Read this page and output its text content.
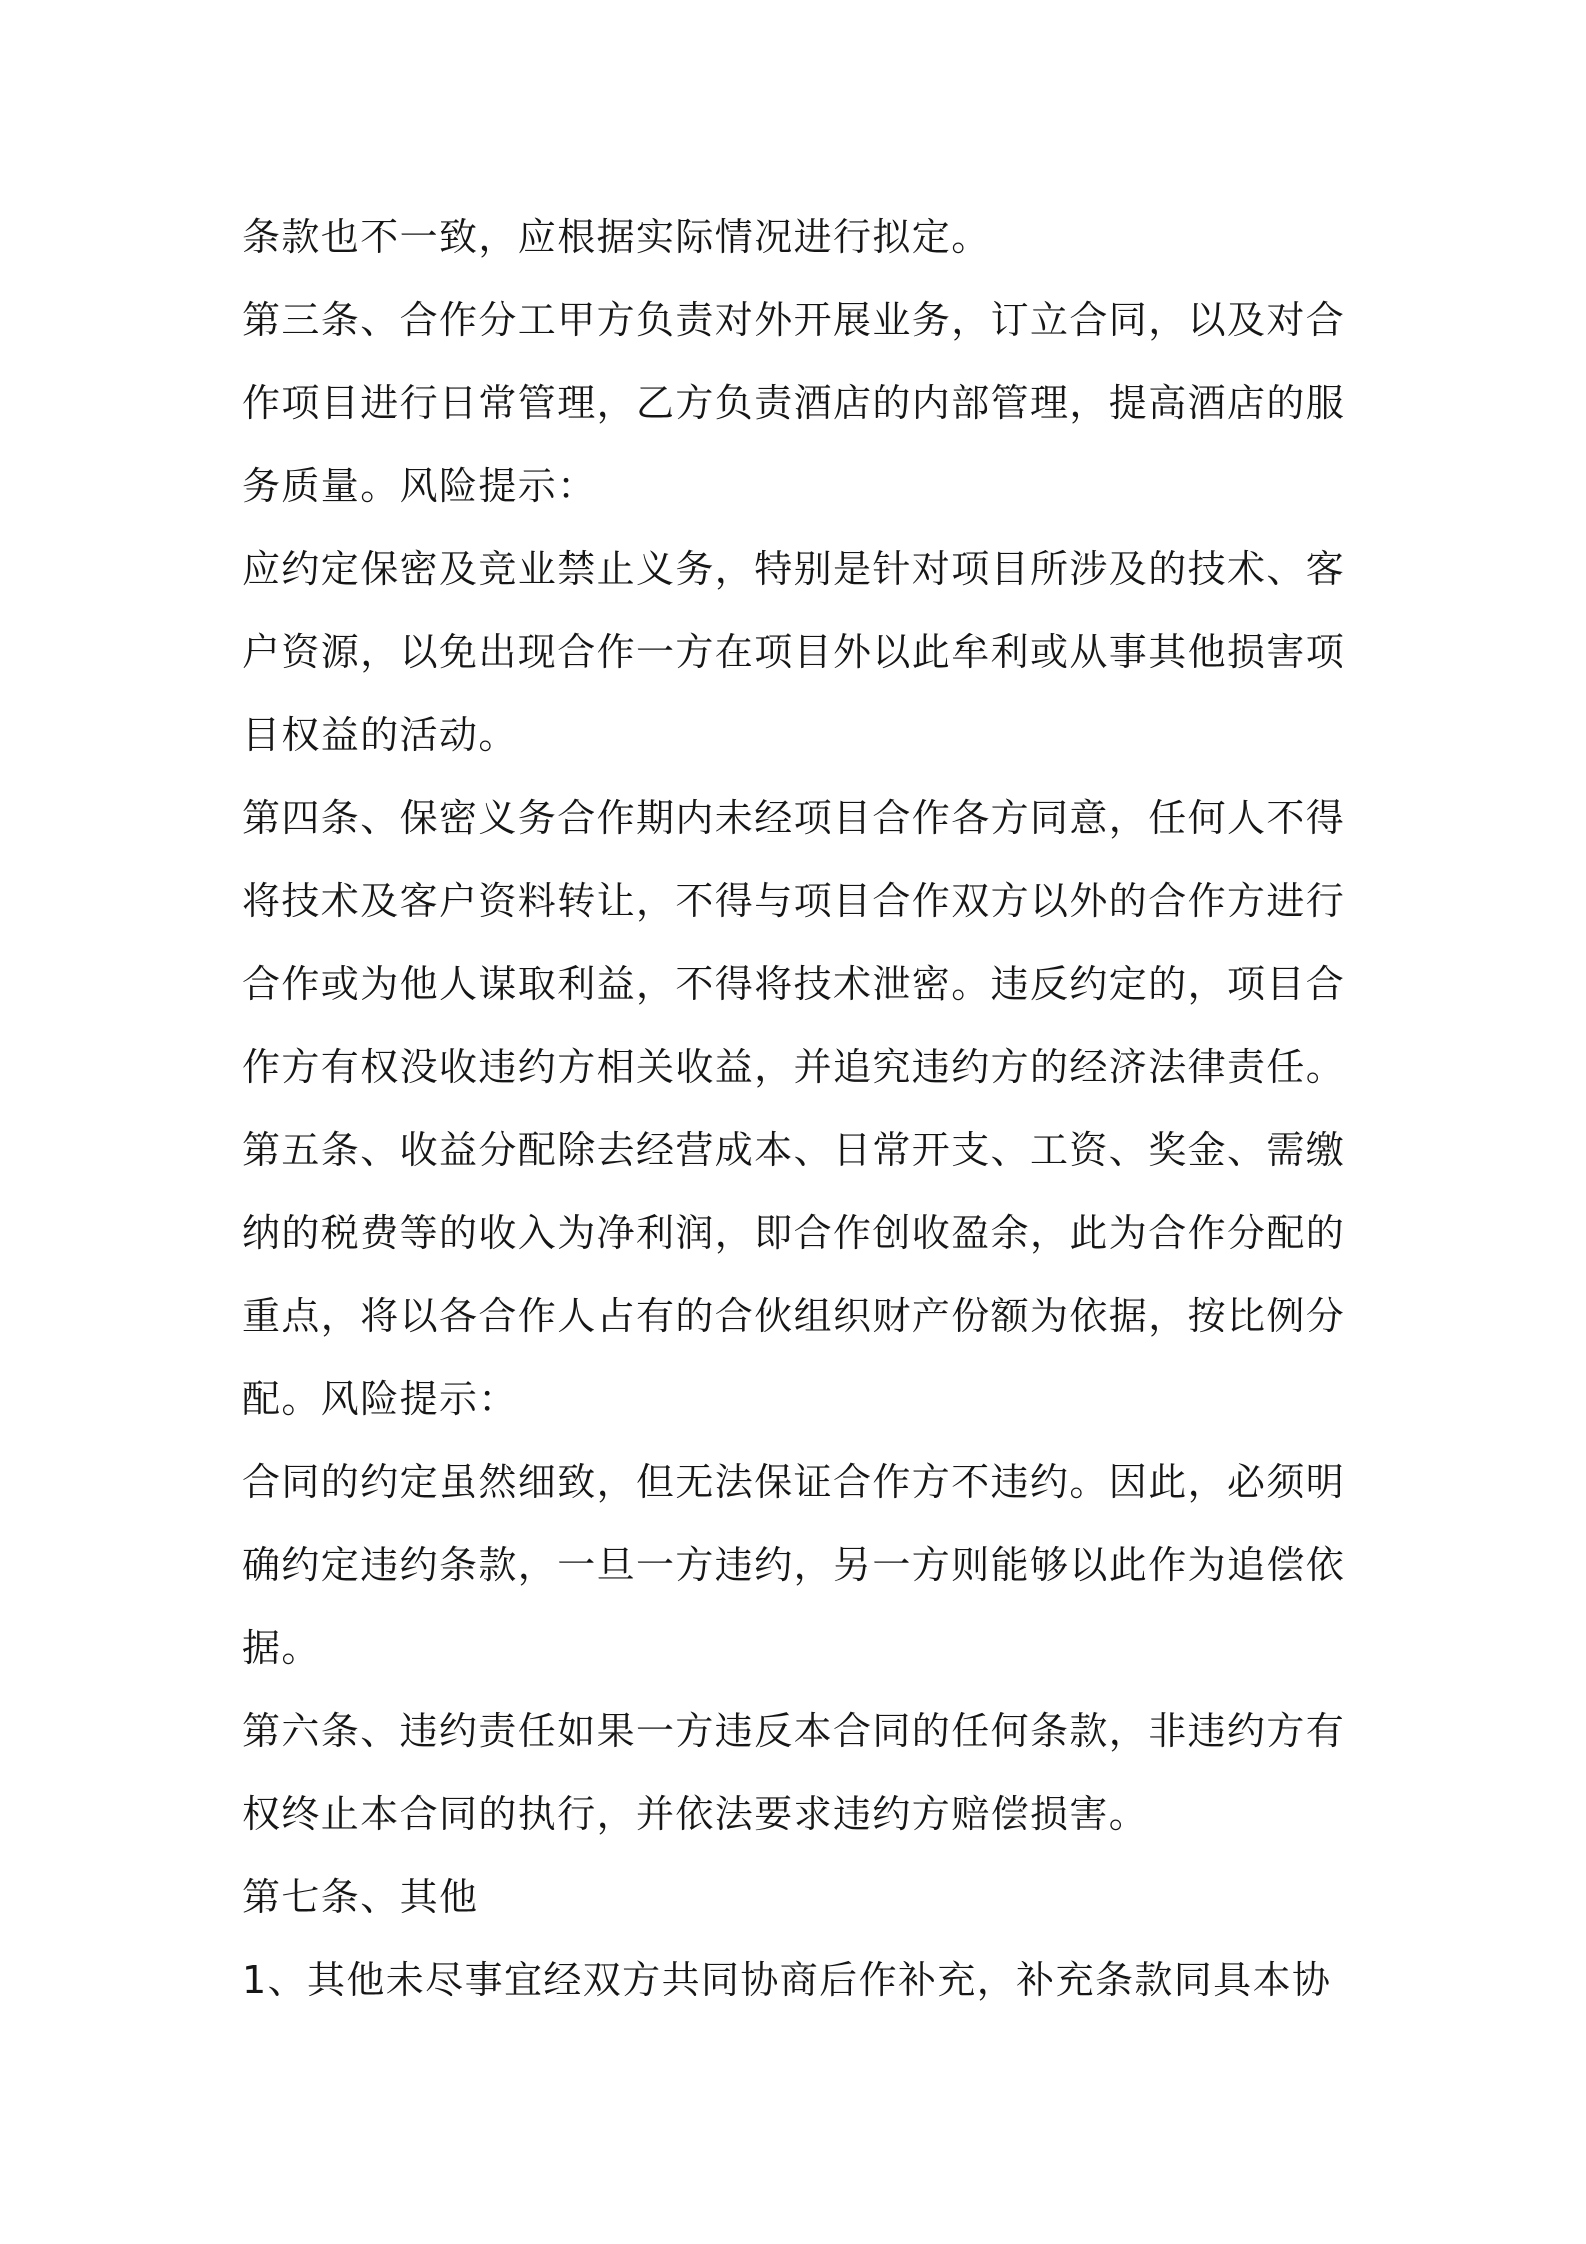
条款也不一致，应根据实际情况进行拟定。
第三条、合作分工甲方负责对外开展业务，订立合同，以及对合
作项目进行日常管理，乙方负责酒店的内部管理，提高酒店的服
务质量。风险提示：
应约定保密及竞业禁止义务，特别是针对项目所涉及的技术、客
户资源，以免出现合作一方在项目外以此牟利或从事其他损害项
目权益的活动。
第四条、保密义务合作期内未经项目合作各方同意，任何人不得
将技术及客户资料转让，不得与项目合作双方以外的合作方进行
合作或为他人谋取利益，不得将技术泄密。违反约定的，项目合
作方有权没收违约方相关收益，并追究违约方的经济法律责任。
第五条、收益分配除去经营成本、日常开支、工资、奖金、需缴
纳的税费等的收入为净利润，即合作创收盈余，此为合作分配的
重点，将以各合作人占有的合伙组织财产份额为依据，按比例分
配。风险提示：
合同的约定虽然细致，但无法保证合作方不违约。因此，必须明
确约定违约条款，一旦一方违约，另一方则能够以此作为追偿依
据。
第六条、违约责任如果一方违反本合同的任何条款，非违约方有
权终止本合同的执行，并依法要求违约方赔偿损害。
第七条、其他
1、其他未尽事宜经双方共同协商后作补充，补充条款同具本协
